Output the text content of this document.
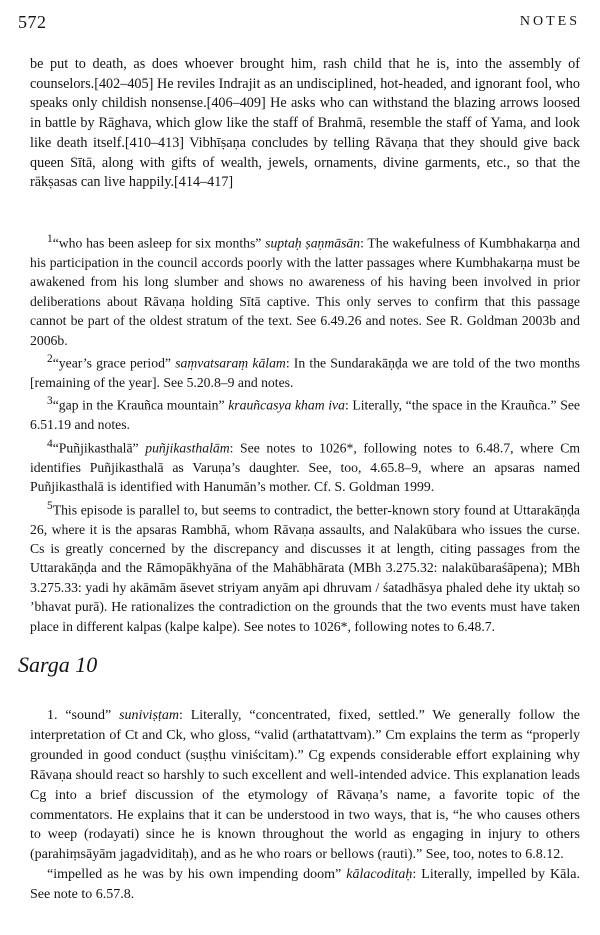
572	NOTES

be put to death, as does whoever brought him, rash child that he is, into the assembly of counselors.[402–405] He reviles Indrajit as an undisciplined, hot-headed, and ignorant fool, who speaks only childish nonsense.[406–409] He asks who can withstand the blazing arrows loosed in battle by Rāghava, which glow like the staff of Brahmā, resemble the staff of Yama, and look like death itself.[410–413] Vibhīṣaṇa concludes by telling Rāvaṇa that they should give back queen Sītā, along with gifts of wealth, jewels, ornaments, divine garments, etc., so that the rākṣasas can live happily.[414–417]

$^1$“who has been asleep for six months” suptaḥ ṣaṇmāsān: The wakefulness of Kumbhakarṇa and his participation in the council accords poorly with the latter passages where Kumbhakarṇa must be awakened from his long slumber and shows no awareness of his having been involved in prior deliberations about Rāvaṇa holding Sītā captive. This only serves to confirm that this passage cannot be part of the oldest stratum of the text. See 6.49.26 and notes. See R. Goldman 2003b and 2006b.

$^2$“year’s grace period” saṃvatsaraṃ kālam: In the Sundarakāṇḍa we are told of the two months [remaining of the year]. See 5.20.8–9 and notes.

$^3$“gap in the Krauñca mountain” krauñcasya kham iva: Literally, “the space in the Krauñca.” See 6.51.19 and notes.

$^4$“Puñjikasthalā” puñjikasthalām: See notes to 1026*, following notes to 6.48.7, where Cm identifies Puñjikasthalā as Varuṇa’s daughter. See, too, 4.65.8–9, where an apsaras named Puñjikasthalā is identified with Hanumān’s mother. Cf. S. Goldman 1999.

$^5$This episode is parallel to, but seems to contradict, the better-known story found at Uttarakāṇḍa 26, where it is the apsaras Rambhā, whom Rāvaṇa assaults, and Nalakūbara who issues the curse. Cs is greatly concerned by the discrepancy and discusses it at length, citing passages from the Uttarakāṇḍa and the Rāmopākhyāna of the Mahābhārata (MBh 3.275.32: nalakūbaraśāpena); MBh 3.275.33: yadi hy akāmām āsevet striyam anyām api dhruvam / śatadhāsya phaled dehe ity uktaḥ so ’bhavat purā). He rationalizes the contradiction on the grounds that the two events must have taken place in different kalpas (kalpe kalpe). See notes to 1026*, following notes to 6.48.7.

Sarga 10

1. “sound” suniviṣṭam: Literally, “concentrated, fixed, settled.” We generally follow the interpretation of Ct and Ck, who gloss, “valid (arthatattvam).” Cm explains the term as “properly grounded in good conduct (suṣṭhu viniścitam).” Cg expends considerable effort explaining why Rāvaṇa should react so harshly to such excellent and well-intended advice. This explanation leads Cg into a brief discussion of the etymology of Rāvaṇa’s name, a favorite topic of the commentators. He explains that it can be understood in two ways, that is, “he who causes others to weep (rodayati) since he is known throughout the world as engaging in injury to others (parahiṃsāyām jagadviditaḥ), and as he who roars or bellows (rauti).” See, too, notes to 6.8.12.

“impelled as he was by his own impending doom” kālacoditaḥ: Literally, impelled by Kāla. See note to 6.57.8.
